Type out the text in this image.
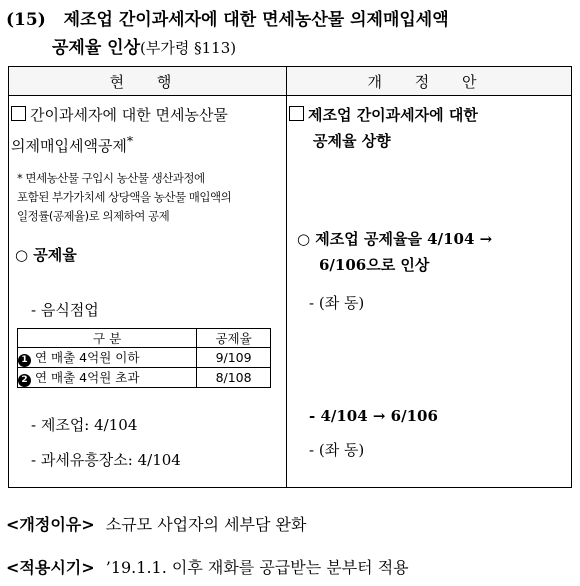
(15) 제조업 간이과세자에 대한 면세농산물 의제매입세액
공제율 인상(부가령 §113)
현 행	개 정 안

간이과세자에 대한 면세농산물
의제매입세액공제*
* 면세농산물 구입시 농산물 생산과정에
포함된 부가가치세 상당액을 농산물 매입액의
일정률(공제율)로 의제하여 공제
○ 공제율
- 음식점업
구 분	공제율
1 연 매출 4억원 이하	9/109
2 연 매출 4억원 초과	8/108
- 제조업: 4/104
- 과세유흥장소: 4/104

제조업 간이과세자에 대한
공제율 상향
○ 제조업 공제율을 4/104 →
6/106으로 인상
- (좌 동)
- 4/104 → 6/106
- (좌 동)
<개정이유> 소규모 사업자의 세부담 완화
<적용시기> ’19.1.1. 이후 재화를 공급받는 분부터 적용
